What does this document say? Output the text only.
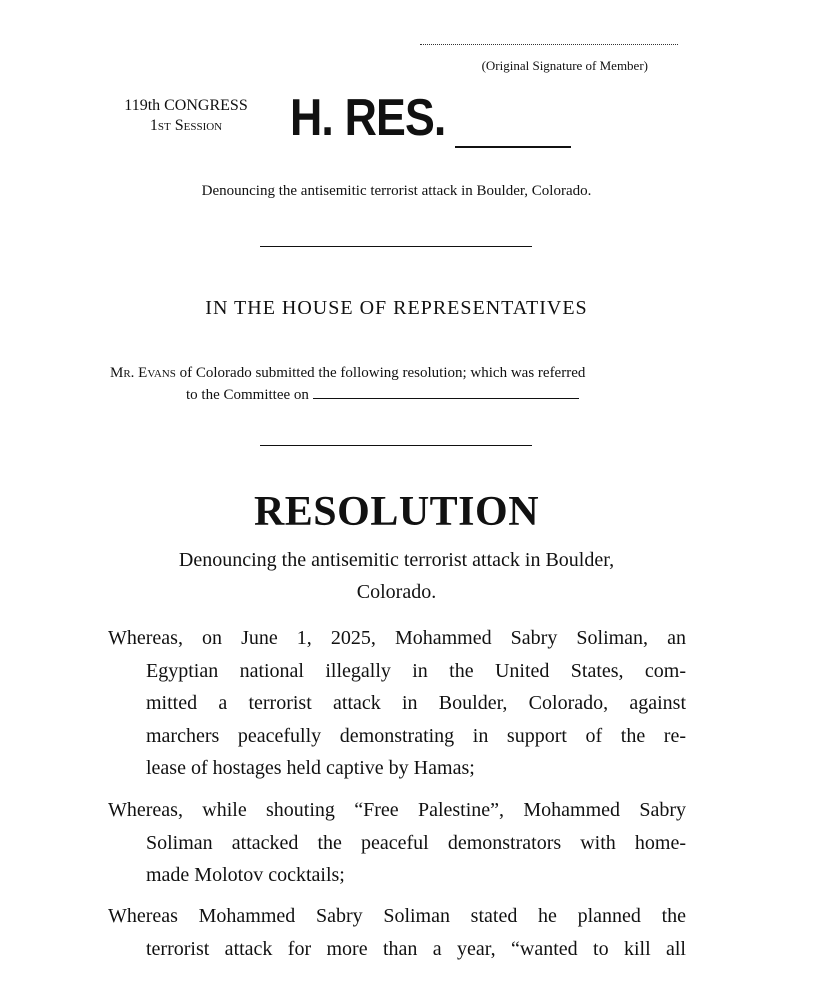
(Original Signature of Member)
119th CONGRESS
1st Session	H. RES.
Denouncing the antisemitic terrorist attack in Boulder, Colorado.
IN THE HOUSE OF REPRESENTATIVES
Mr. Evans of Colorado submitted the following resolution; which was referred
to the Committee on
RESOLUTION
Denouncing the antisemitic terrorist attack in Boulder,
Colorado.
Whereas, on June 1, 2025, Mohammed Sabry Soliman, an
Egyptian national illegally in the United States, com-
mitted a terrorist attack in Boulder, Colorado, against
marchers peacefully demonstrating in support of the re-
lease of hostages held captive by Hamas;
Whereas, while shouting “Free Palestine”, Mohammed Sabry
Soliman attacked the peaceful demonstrators with home-
made Molotov cocktails;
Whereas Mohammed Sabry Soliman stated he planned the
terrorist attack for more than a year, “wanted to kill all
